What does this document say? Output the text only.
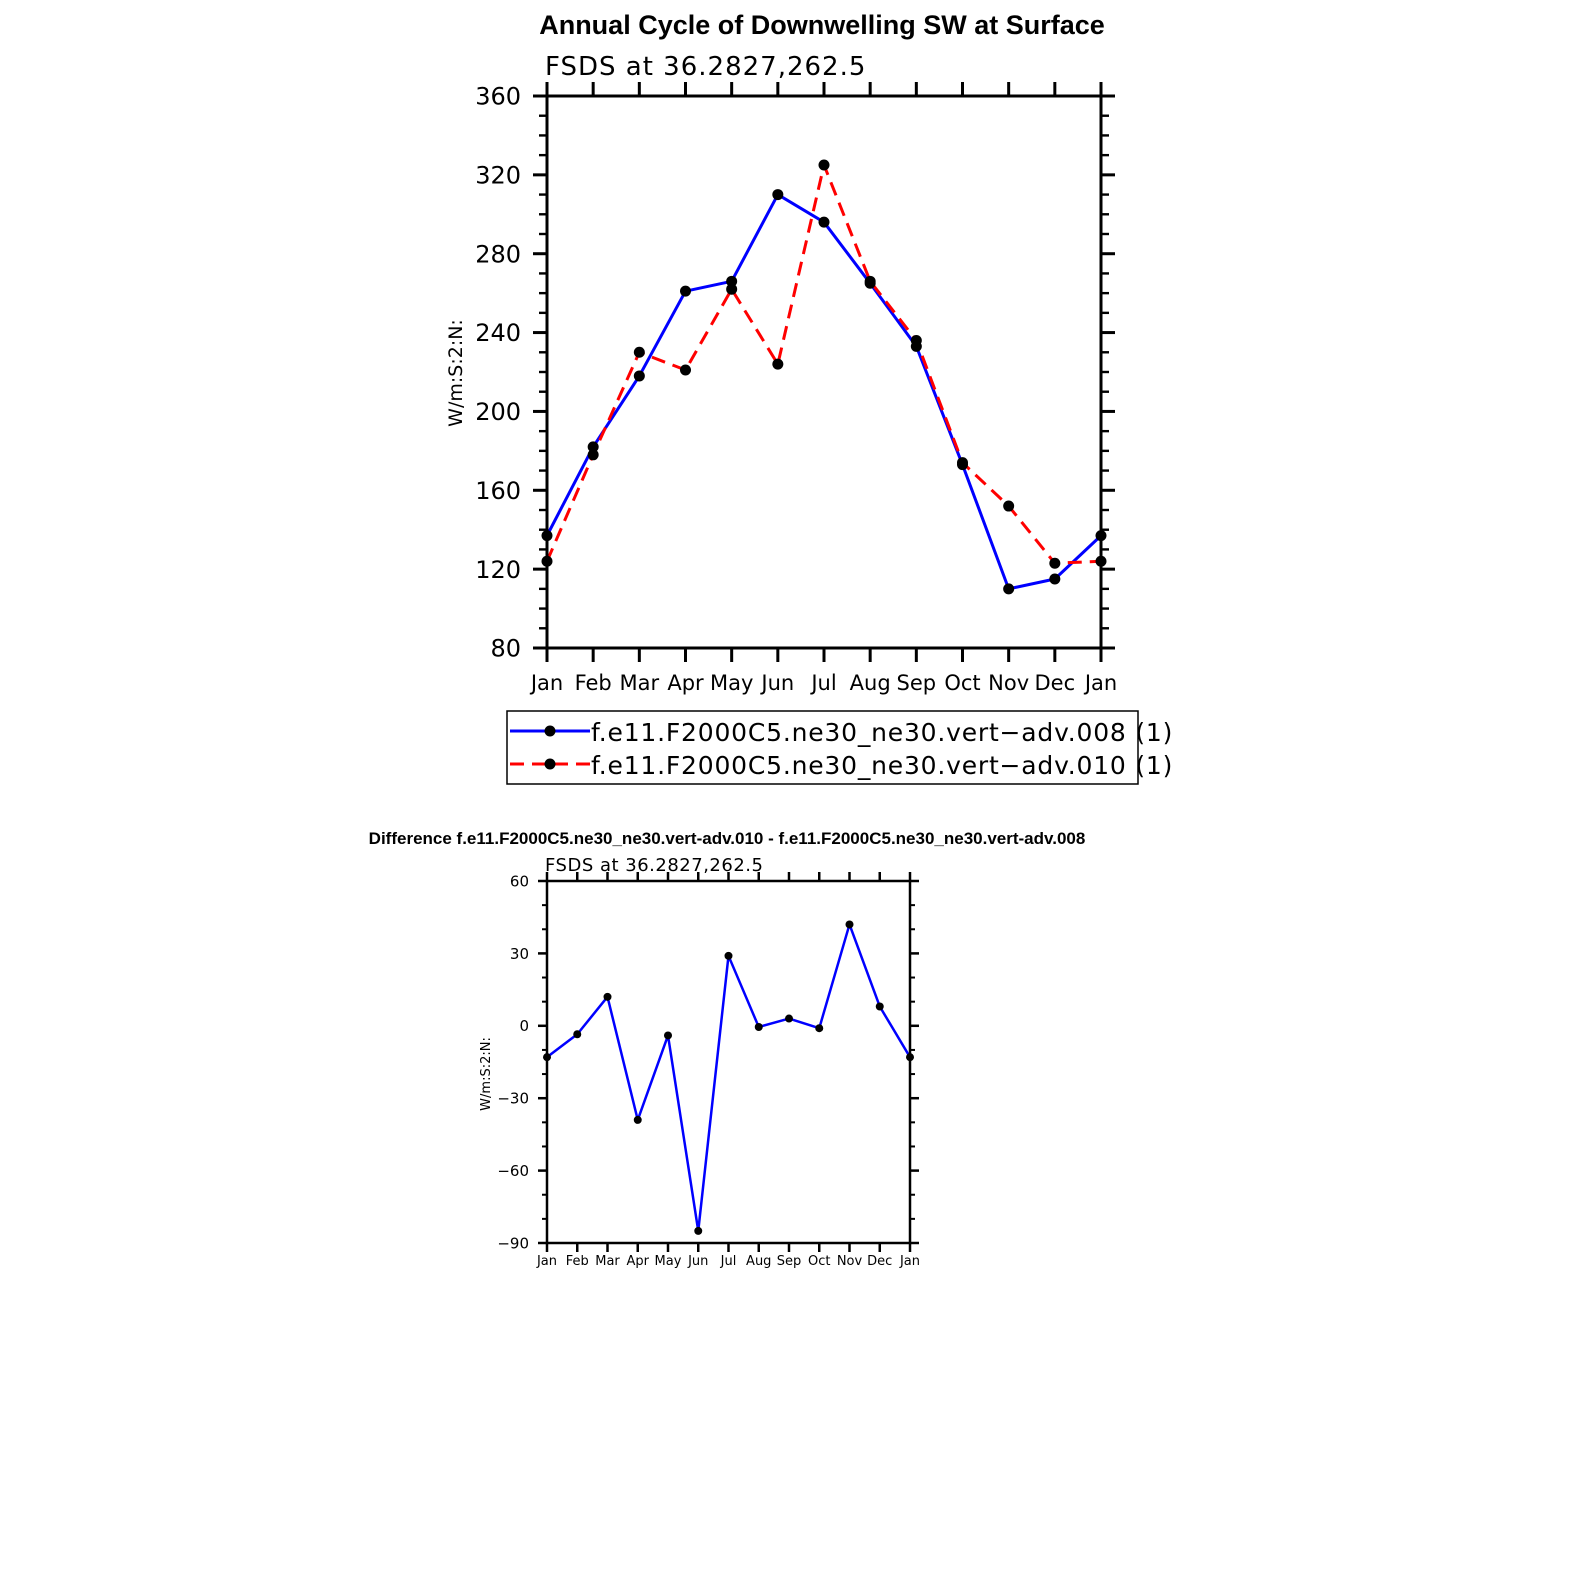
Annual Cycle of Downwelling SW at Surface
FSDS at 36.2827,262.5
W/m:S:2:N:
80
120
160
200
240
280
320
360
Jan Feb Mar Apr May Jun Jul Aug Sep Oct Nov Dec Jan
f.e11.F2000C5.ne30_ne30.vert−adv.008 (1)
f.e11.F2000C5.ne30_ne30.vert−adv.010 (1)
Difference f.e11.F2000C5.ne30_ne30.vert-adv.010 - f.e11.F2000C5.ne30_ne30.vert-adv.008
FSDS at 36.2827,262.5
W/m:S:2:N:
−90
−60
−30
0
30
60
Jan Feb Mar Apr May Jun Jul Aug Sep Oct Nov Dec Jan
